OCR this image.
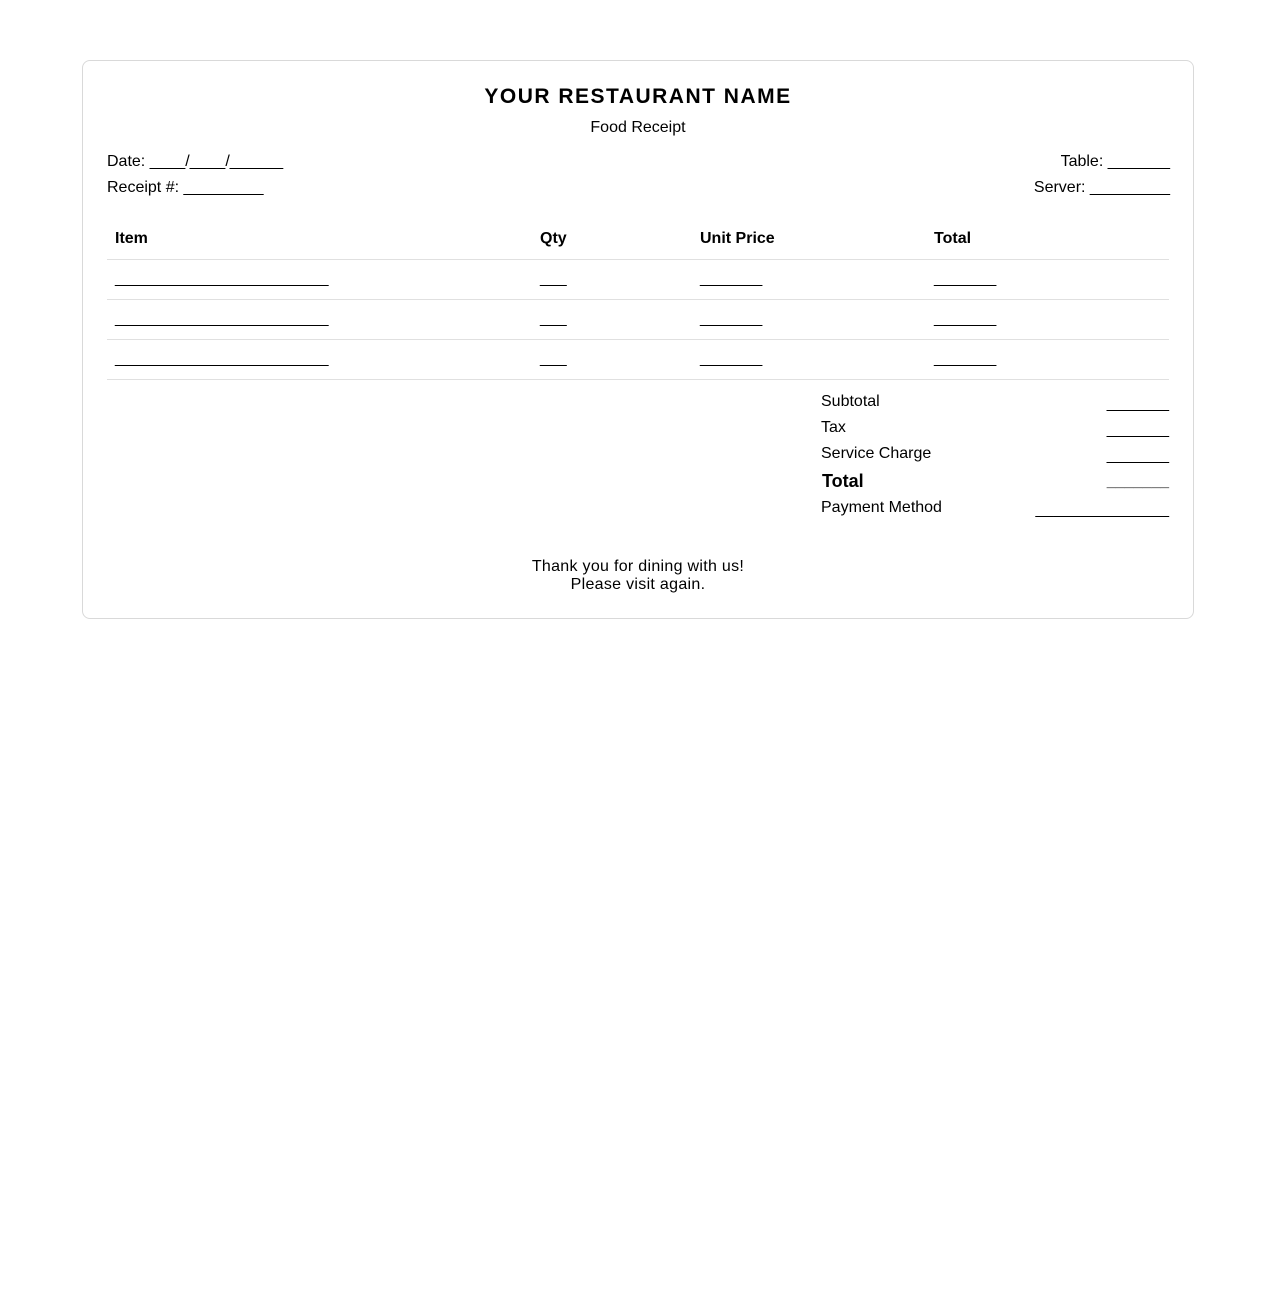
YOUR RESTAURANT NAME
Food Receipt
Date: ____/____/______
Receipt #: _________
Table: _______
Server: _________
Item	Qty	Unit Price	Total
________________________	___	_______	_______
________________________	___	_______	_______
________________________	___	_______	_______
Subtotal	_______
Tax	_______
Service Charge	_______
Total	_______
Payment Method	_______________
Thank you for dining with us!
Please visit again.
